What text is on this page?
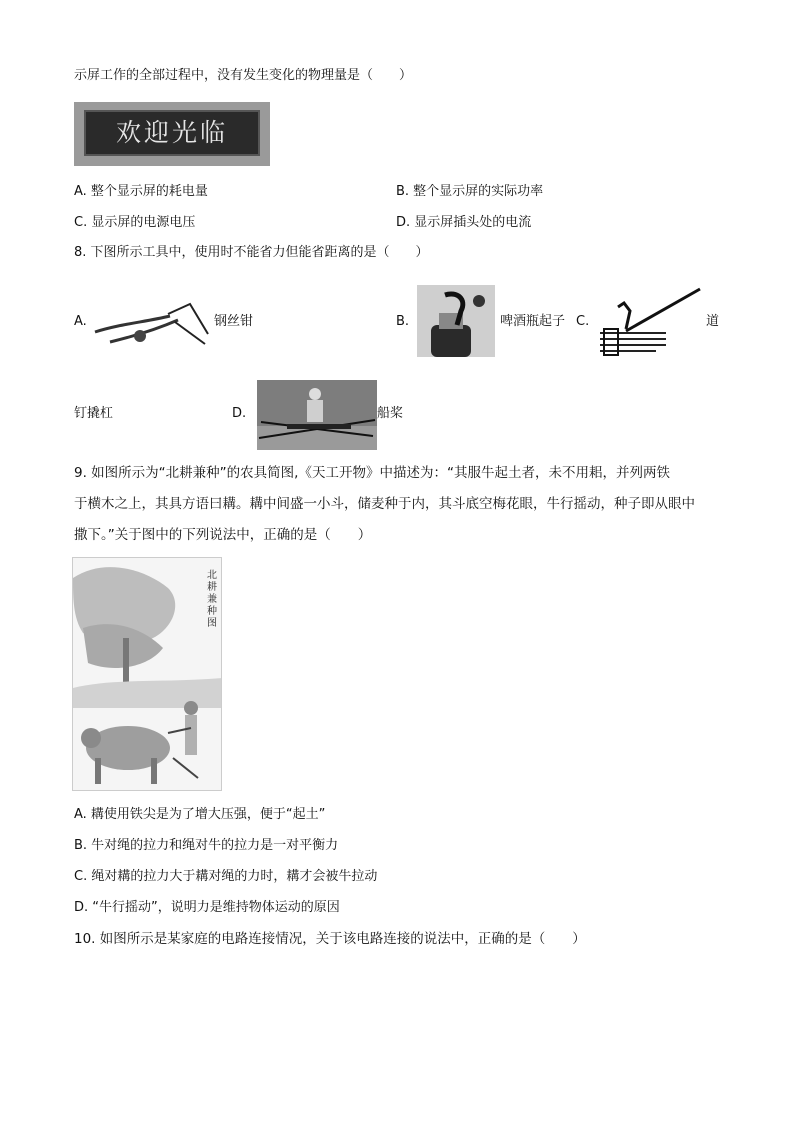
示屏工作的全部过程中，没有发生变化的物理量是（　　）
欢迎光临
A. 整个显示屏的耗电量	B. 整个显示屏的实际功率
C. 显示屏的电源电压	D. 显示屏插头处的电流
8. 下图所示工具中，使用时不能省力但能省距离的是（　　）
A.	钢丝钳	B.	啤酒瓶起子 C.	道
钉撬杠	D.	船桨
9. 如图所示为“北耕兼种”的农具简图,《天工开物》中描述为：“其服牛起土者，未不用耜，并列两铁
于横木之上，其具方语曰耩。耩中间盛一小斗，储麦种于内，其斗底空梅花眼，牛行摇动，种子即从眼中
撒下。”关于图中的下列说法中，正确的是（　　）
北耕兼种图
A. 耩使用铁尖是为了增大压强，便于“起土”
B. 牛对绳的拉力和绳对牛的拉力是一对平衡力
C. 绳对耩的拉力大于耩对绳的力时，耩才会被牛拉动
D. “牛行摇动”，说明力是维持物体运动的原因
10. 如图所示是某家庭的电路连接情况，关于该电路连接的说法中，正确的是（　　）
